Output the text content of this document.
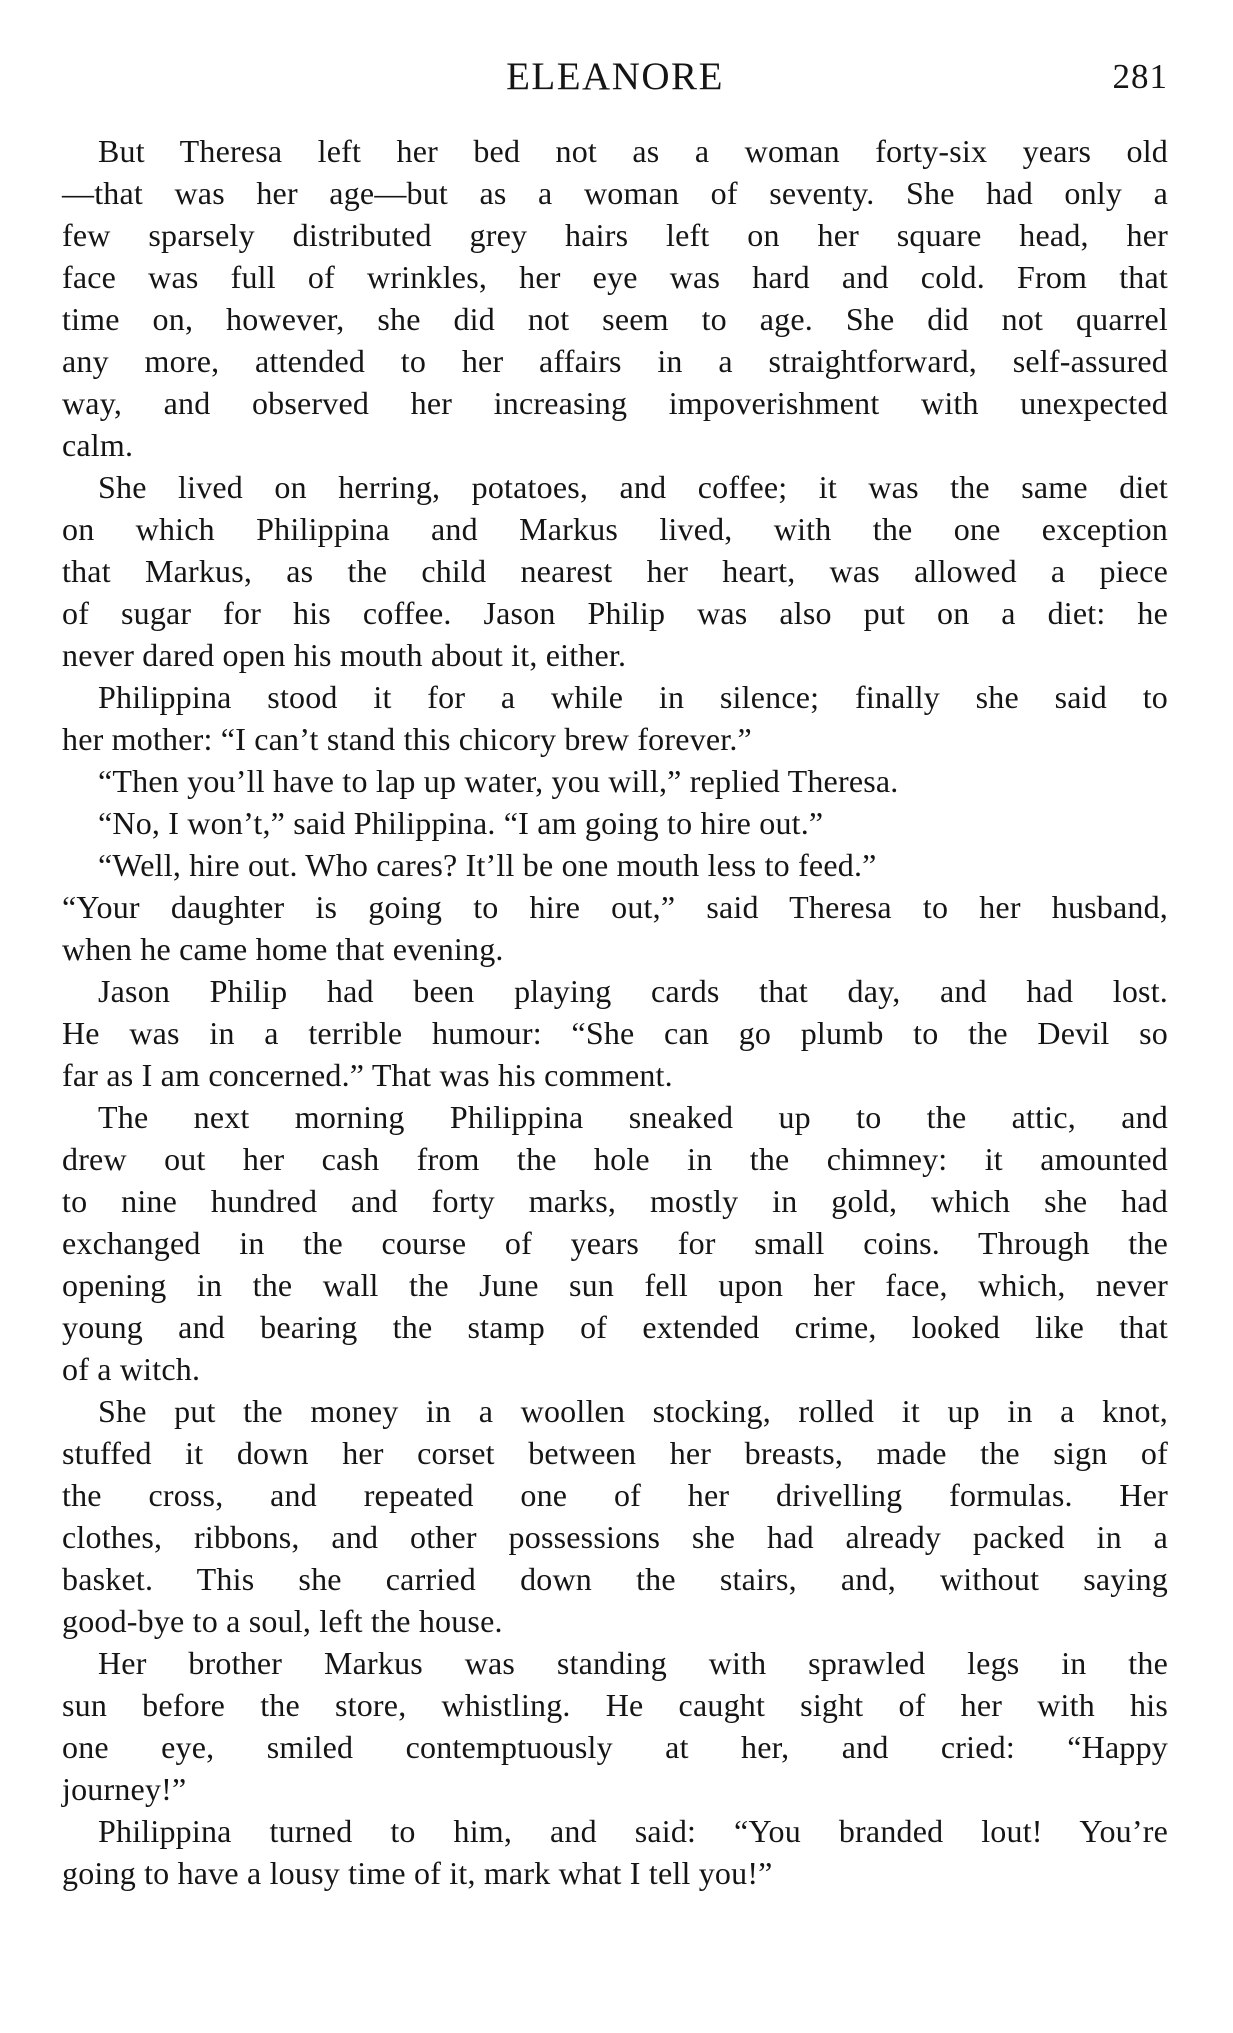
ELEANORE	281
But Theresa left her bed not as a woman forty-six years old
—that was her age—but as a woman of seventy. She had only a
few sparsely distributed grey hairs left on her square head, her
face was full of wrinkles, her eye was hard and cold. From that
time on, however, she did not seem to age. She did not quarrel
any more, attended to her affairs in a straightforward, self-assured
way, and observed her increasing impoverishment with unexpected
calm.
She lived on herring, potatoes, and coffee; it was the same diet
on which Philippina and Markus lived, with the one exception
that Markus, as the child nearest her heart, was allowed a piece
of sugar for his coffee. Jason Philip was also put on a diet: he
never dared open his mouth about it, either.
Philippina stood it for a while in silence; finally she said to
her mother: “I can’t stand this chicory brew forever.”
“Then you’ll have to lap up water, you will,” replied Theresa.
“No, I won’t,” said Philippina. “I am going to hire out.”
“Well, hire out. Who cares? It’ll be one mouth less to feed.”
“Your daughter is going to hire out,” said Theresa to her husband,
when he came home that evening.
Jason Philip had been playing cards that day, and had lost.
He was in a terrible humour: “She can go plumb to the Devil so
far as I am concerned.” That was his comment.
The next morning Philippina sneaked up to the attic, and
drew out her cash from the hole in the chimney: it amounted
to nine hundred and forty marks, mostly in gold, which she had
exchanged in the course of years for small coins. Through the
opening in the wall the June sun fell upon her face, which, never
young and bearing the stamp of extended crime, looked like that
of a witch.
She put the money in a woollen stocking, rolled it up in a knot,
stuffed it down her corset between her breasts, made the sign of
the cross, and repeated one of her drivelling formulas. Her
clothes, ribbons, and other possessions she had already packed in a
basket. This she carried down the stairs, and, without saying
good-bye to a soul, left the house.
Her brother Markus was standing with sprawled legs in the
sun before the store, whistling. He caught sight of her with his
one eye, smiled contemptuously at her, and cried: “Happy
journey!”
Philippina turned to him, and said: “You branded lout! You’re
going to have a lousy time of it, mark what I tell you!”
